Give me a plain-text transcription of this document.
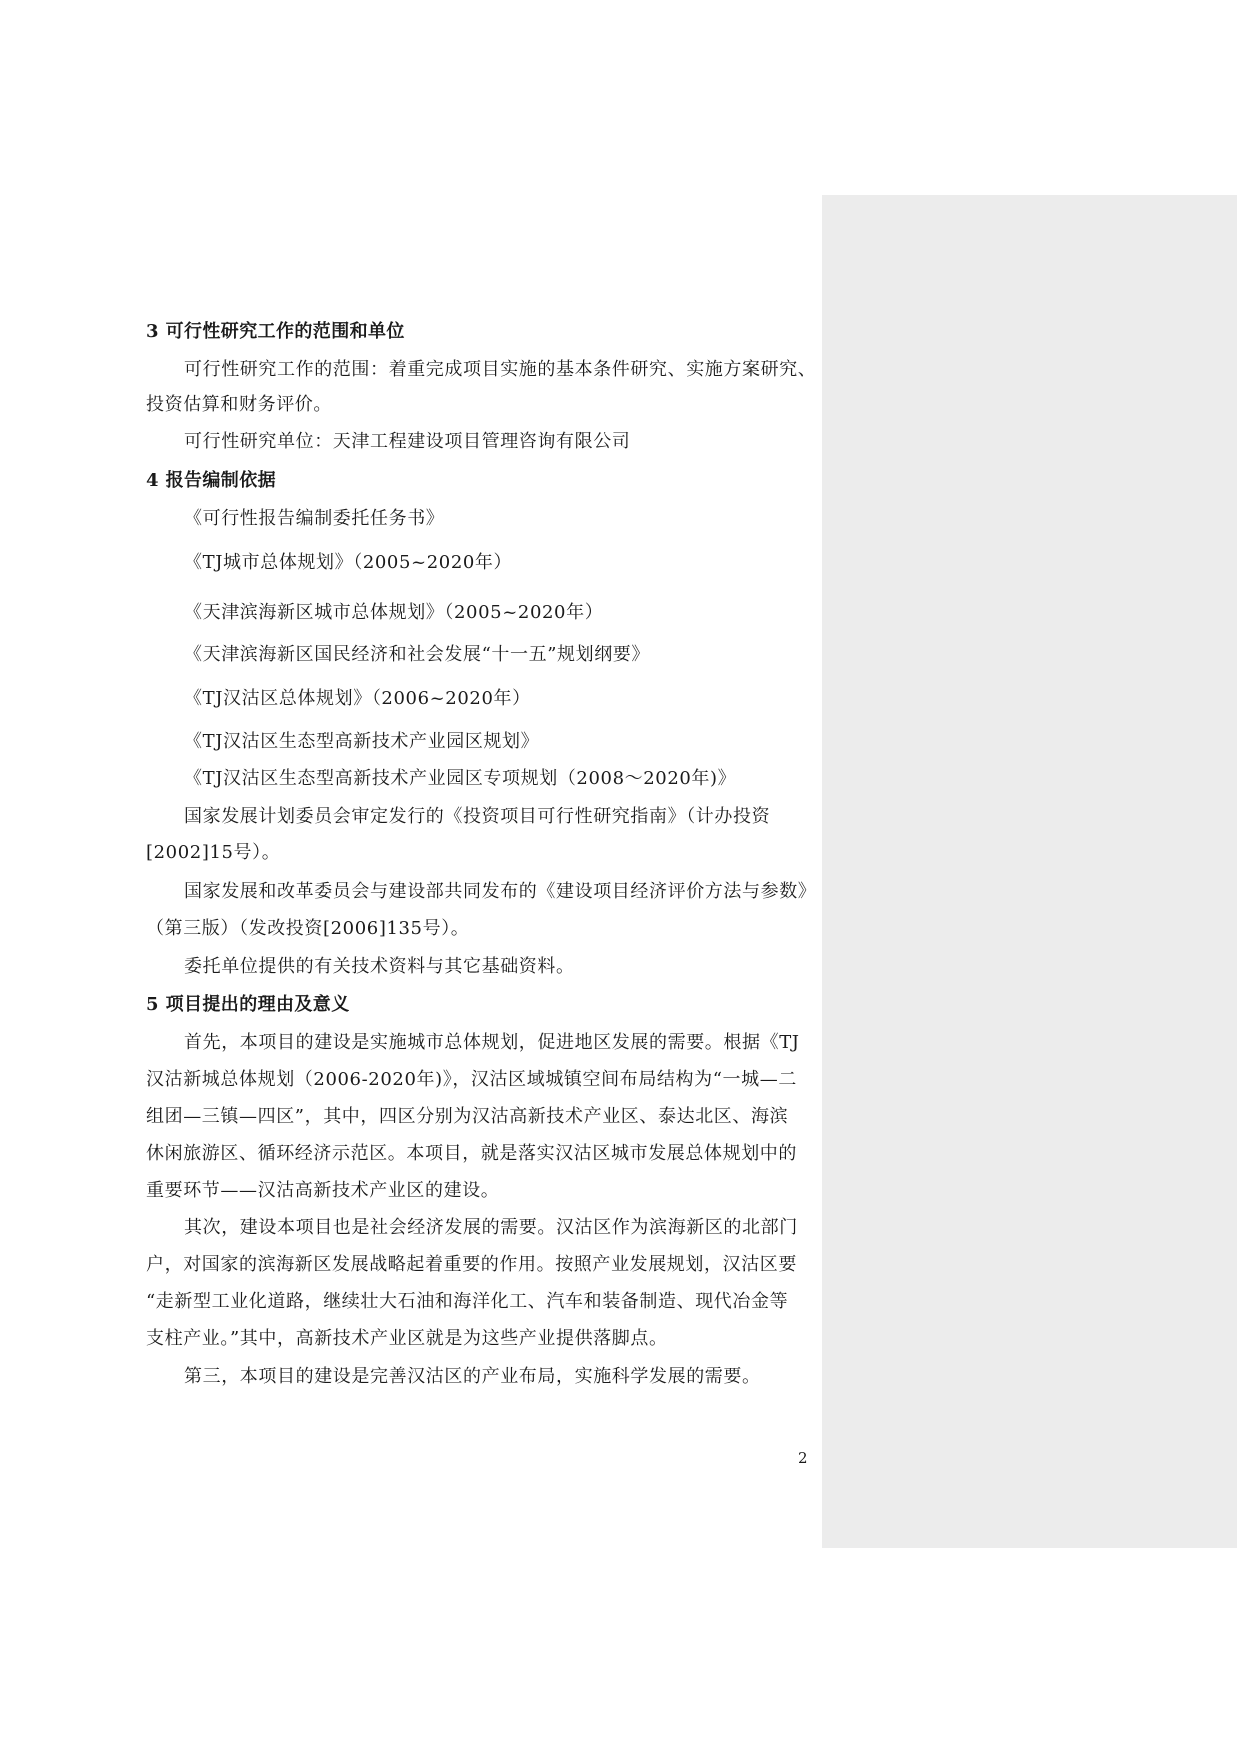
3 可行性研究工作的范围和单位

可行性研究工作的范围：着重完成项目实施的基本条件研究、实施方案研究、

投资估算和财务评价。

可行性研究单位：天津工程建设项目管理咨询有限公司

4 报告编制依据

《可行性报告编制委托任务书》

《TJ城市总体规划》（2005~2020年）

《天津滨海新区城市总体规划》（2005~2020年）

《天津滨海新区国民经济和社会发展“十一五”规划纲要》

《TJ汉沽区总体规划》（2006~2020年）

《TJ汉沽区生态型高新技术产业园区规划》

《TJ汉沽区生态型高新技术产业园区专项规划（2008～2020年)》

国家发展计划委员会审定发行的《投资项目可行性研究指南》（计办投资

[2002]15号）。

国家发展和改革委员会与建设部共同发布的《建设项目经济评价方法与参数》

（第三版）（发改投资[2006]135号）。

委托单位提供的有关技术资料与其它基础资料。

5 项目提出的理由及意义

首先，本项目的建设是实施城市总体规划，促进地区发展的需要。根据《TJ

汉沽新城总体规划（2006-2020年)》，汉沽区域城镇空间布局结构为“一城—二

组团—三镇—四区”，其中，四区分别为汉沽高新技术产业区、泰达北区、海滨

休闲旅游区、循环经济示范区。本项目，就是落实汉沽区城市发展总体规划中的

重要环节——汉沽高新技术产业区的建设。

其次，建设本项目也是社会经济发展的需要。汉沽区作为滨海新区的北部门

户，对国家的滨海新区发展战略起着重要的作用。按照产业发展规划，汉沽区要

“走新型工业化道路，继续壮大石油和海洋化工、汽车和装备制造、现代冶金等

支柱产业。”其中，高新技术产业区就是为这些产业提供落脚点。

第三，本项目的建设是完善汉沽区的产业布局，实施科学发展的需要。

2
